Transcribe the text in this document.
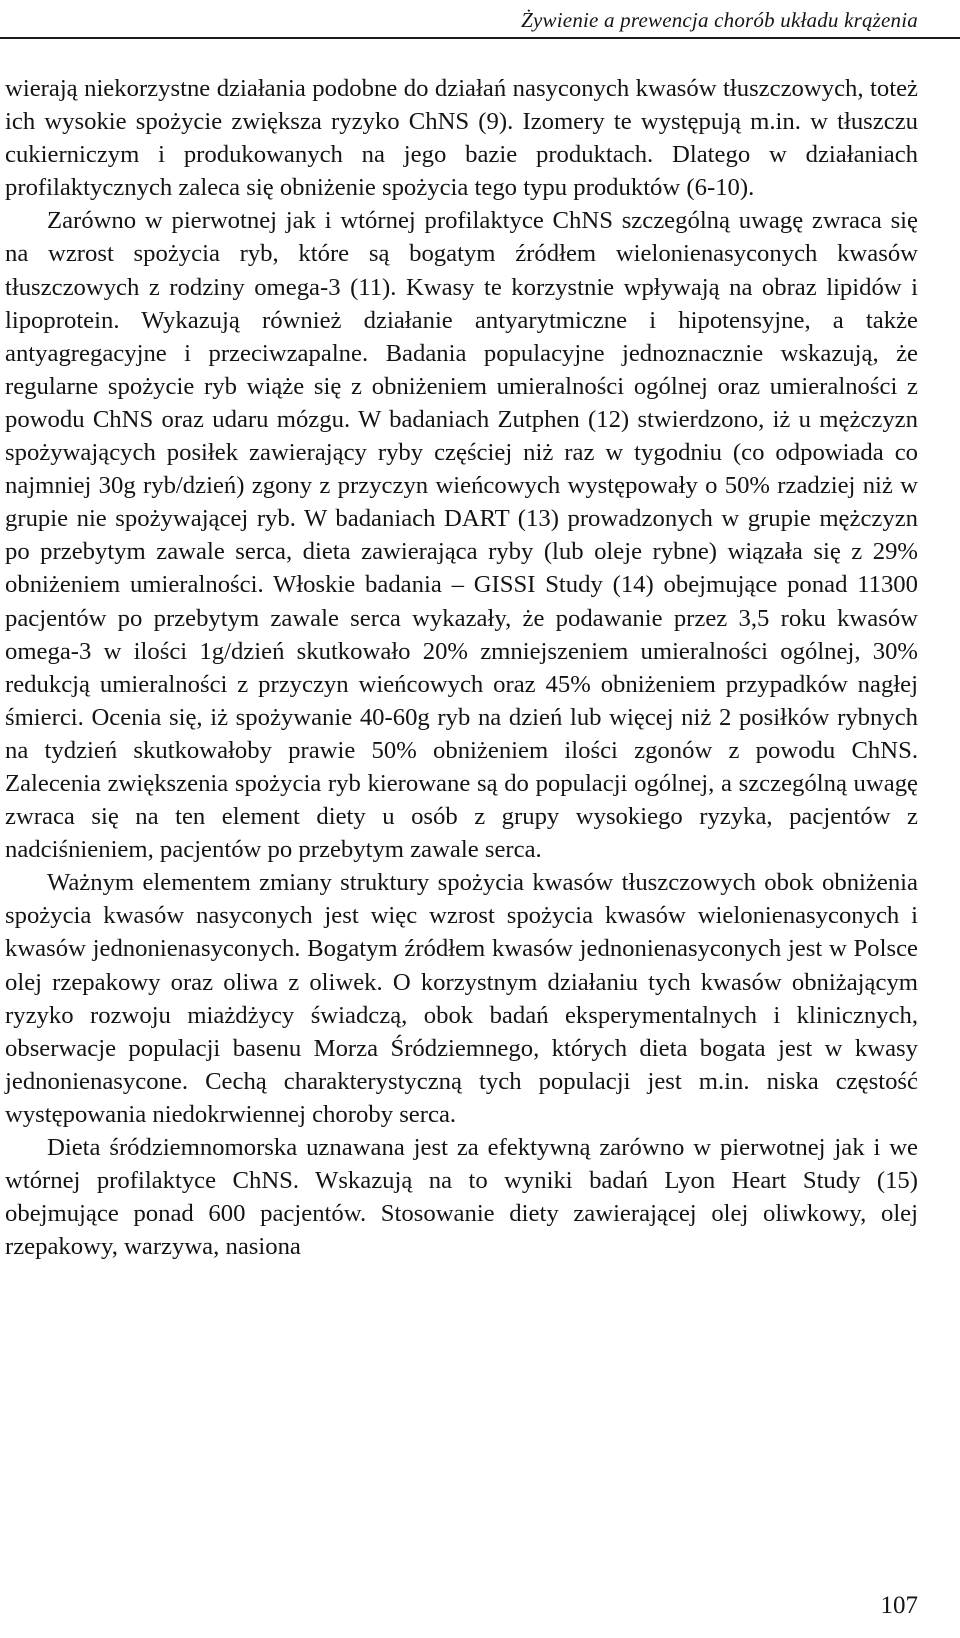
Żywienie a prewencja chorób układu krążenia

wierają niekorzystne działania podobne do działań nasyconych kwasów tłuszczowych, toteż ich wysokie spożycie zwiększa ryzyko ChNS (9). Izomery te występują m.in. w tłuszczu cukierniczym i produkowanych na jego bazie produktach. Dlatego w działaniach profilaktycznych zaleca się obniżenie spożycia tego typu produktów (6-10).

Zarówno w pierwotnej jak i wtórnej profilaktyce ChNS szczególną uwagę zwraca się na wzrost spożycia ryb, które są bogatym źródłem wielonienasyconych kwasów tłuszczowych z rodziny omega-3 (11). Kwasy te korzystnie wpływają na obraz lipidów i lipoprotein. Wykazują również działanie antyarytmiczne i hipotensyjne, a także antyagregacyjne i przeciwzapalne. Badania populacyjne jednoznacznie wskazują, że regularne spożycie ryb wiąże się z obniżeniem umieralności ogólnej oraz umieralności z powodu ChNS oraz udaru mózgu. W badaniach Zutphen (12) stwierdzono, iż u mężczyzn spożywających posiłek zawierający ryby częściej niż raz w tygodniu (co odpowiada co najmniej 30g ryb/dzień) zgony z przyczyn wieńcowych występowały o 50% rzadziej niż w grupie nie spożywającej ryb. W badaniach DART (13) prowadzonych w grupie mężczyzn po przebytym zawale serca, dieta zawierająca ryby (lub oleje rybne) wiązała się z 29% obniżeniem umieralności. Włoskie badania – GISSI Study (14) obejmujące ponad 11300 pacjentów po przebytym zawale serca wykazały, że podawanie przez 3,5 roku kwasów omega-3 w ilości 1g/dzień skutkowało 20% zmniejszeniem umieralności ogólnej, 30% redukcją umieralności z przyczyn wieńcowych oraz 45% obniżeniem przypadków nagłej śmierci. Ocenia się, iż spożywanie 40-60g ryb na dzień lub więcej niż 2 posiłków rybnych na tydzień skutkowałoby prawie 50% obniżeniem ilości zgonów z powodu ChNS. Zalecenia zwiększenia spożycia ryb kierowane są do populacji ogólnej, a szczególną uwagę zwraca się na ten element diety u osób z grupy wysokiego ryzyka, pacjentów z nadciśnieniem, pacjentów po przebytym zawale serca.

Ważnym elementem zmiany struktury spożycia kwasów tłuszczowych obok obniżenia spożycia kwasów nasyconych jest więc wzrost spożycia kwasów wielonienasyconych i kwasów jednonienasyconych. Bogatym źródłem kwasów jednonienasyconych jest w Polsce olej rzepakowy oraz oliwa z oliwek. O korzystnym działaniu tych kwasów obniżającym ryzyko rozwoju miażdżycy świadczą, obok badań eksperymentalnych i klinicznych, obserwacje populacji basenu Morza Śródziemnego, których dieta bogata jest w kwasy jednonienasycone. Cechą charakterystyczną tych populacji jest m.in. niska częstość występowania niedokrwiennej choroby serca.

Dieta śródziemnomorska uznawana jest za efektywną zarówno w pierwotnej jak i we wtórnej profilaktyce ChNS. Wskazują na to wyniki badań Lyon Heart Study (15) obejmujące ponad 600 pacjentów. Stosowanie diety zawierającej olej oliwkowy, olej rzepakowy, warzywa, nasiona

107
